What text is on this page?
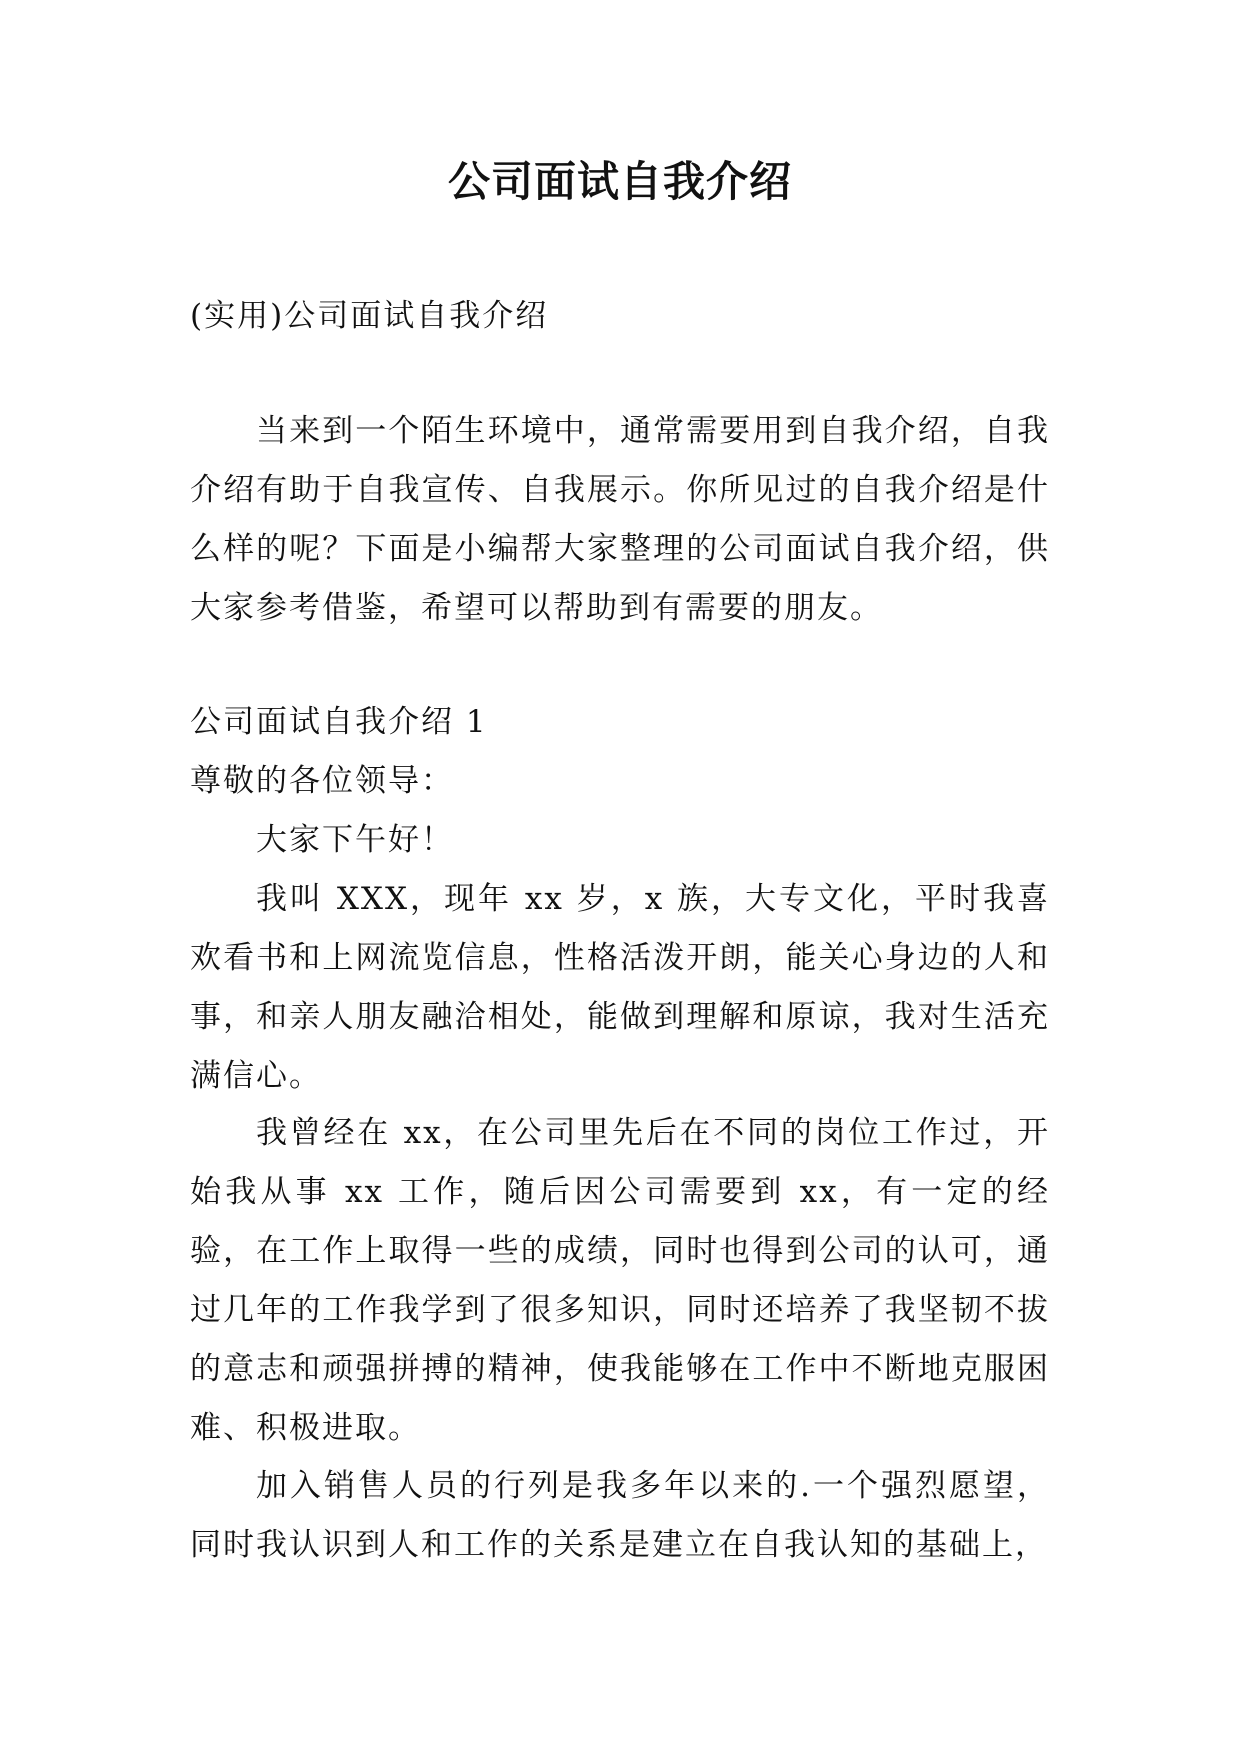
公司面试自我介绍

(实用)公司面试自我介绍

当来到一个陌生环境中，通常需要用到自我介绍，自我介绍有助于自我宣传、自我展示。你所见过的自我介绍是什么样的呢？下面是小编帮大家整理的公司面试自我介绍，供大家参考借鉴，希望可以帮助到有需要的朋友。

公司面试自我介绍 1

尊敬的各位领导：

大家下午好！

我叫 XXX，现年 xx 岁，x 族，大专文化，平时我喜欢看书和上网流览信息，性格活泼开朗，能关心身边的人和事，和亲人朋友融洽相处，能做到理解和原谅，我对生活充满信心。

我曾经在 xx，在公司里先后在不同的岗位工作过，开始我从事 xx 工作，随后因公司需要到 xx，有一定的经验，在工作上取得一些的成绩，同时也得到公司的认可，通过几年的工作我学到了很多知识，同时还培养了我坚韧不拔的意志和顽强拼搏的精神，使我能够在工作中不断地克服困难、积极进取。

加入销售人员的行列是我多年以来的.一个强烈愿望，同时我认识到人和工作的关系是建立在自我认知的基础上，
